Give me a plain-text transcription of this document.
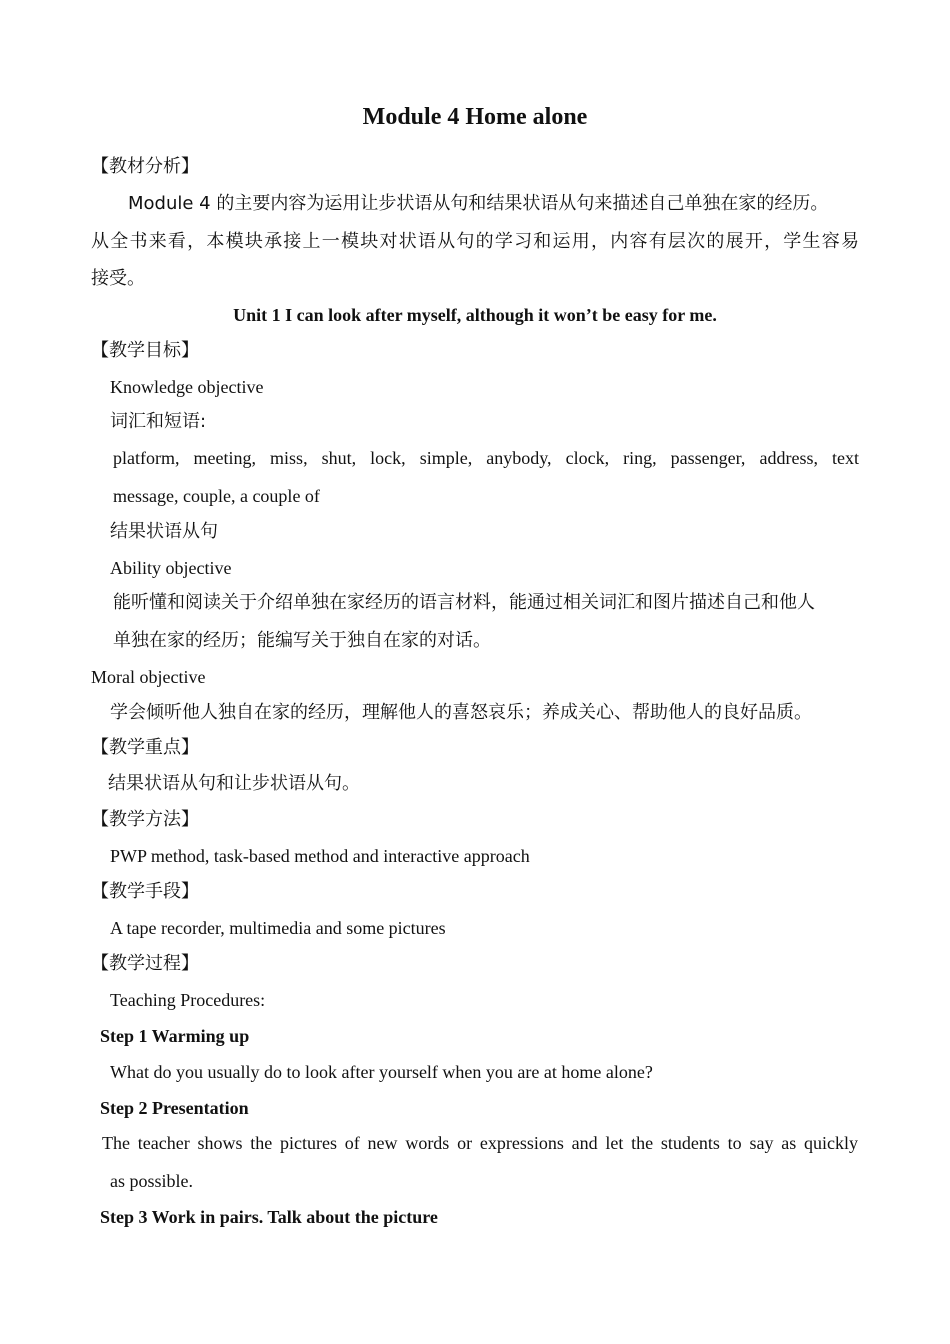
Module 4 Home alone
【教材分析】
Module 4 的主要内容为运用让步状语从句和结果状语从句来描述自己单独在家的经历。
从全书来看，本模块承接上一模块对状语从句的学习和运用，内容有层次的展开，学生容易
接受。
Unit 1 I can look after myself, although it won’t be easy for me.
【教学目标】
Knowledge objective
词汇和短语:
platform, meeting, miss, shut, lock, simple, anybody, clock, ring, passenger, address, text
message, couple, a couple of
结果状语从句
Ability objective
能听懂和阅读关于介绍单独在家经历的语言材料，能通过相关词汇和图片描述自己和他人
单独在家的经历；能编写关于独自在家的对话。
Moral objective
学会倾听他人独自在家的经历，理解他人的喜怒哀乐；养成关心、帮助他人的良好品质。
【教学重点】
结果状语从句和让步状语从句。
【教学方法】
PWP method, task-based method and interactive approach
【教学手段】
A tape recorder, multimedia and some pictures
【教学过程】
Teaching Procedures:
Step 1 Warming up
What do you usually do to look after yourself when you are at home alone?
Step 2 Presentation
The teacher shows the pictures of new words or expressions and let the students to say as quickly
as possible.
Step 3 Work in pairs. Talk about the picture
